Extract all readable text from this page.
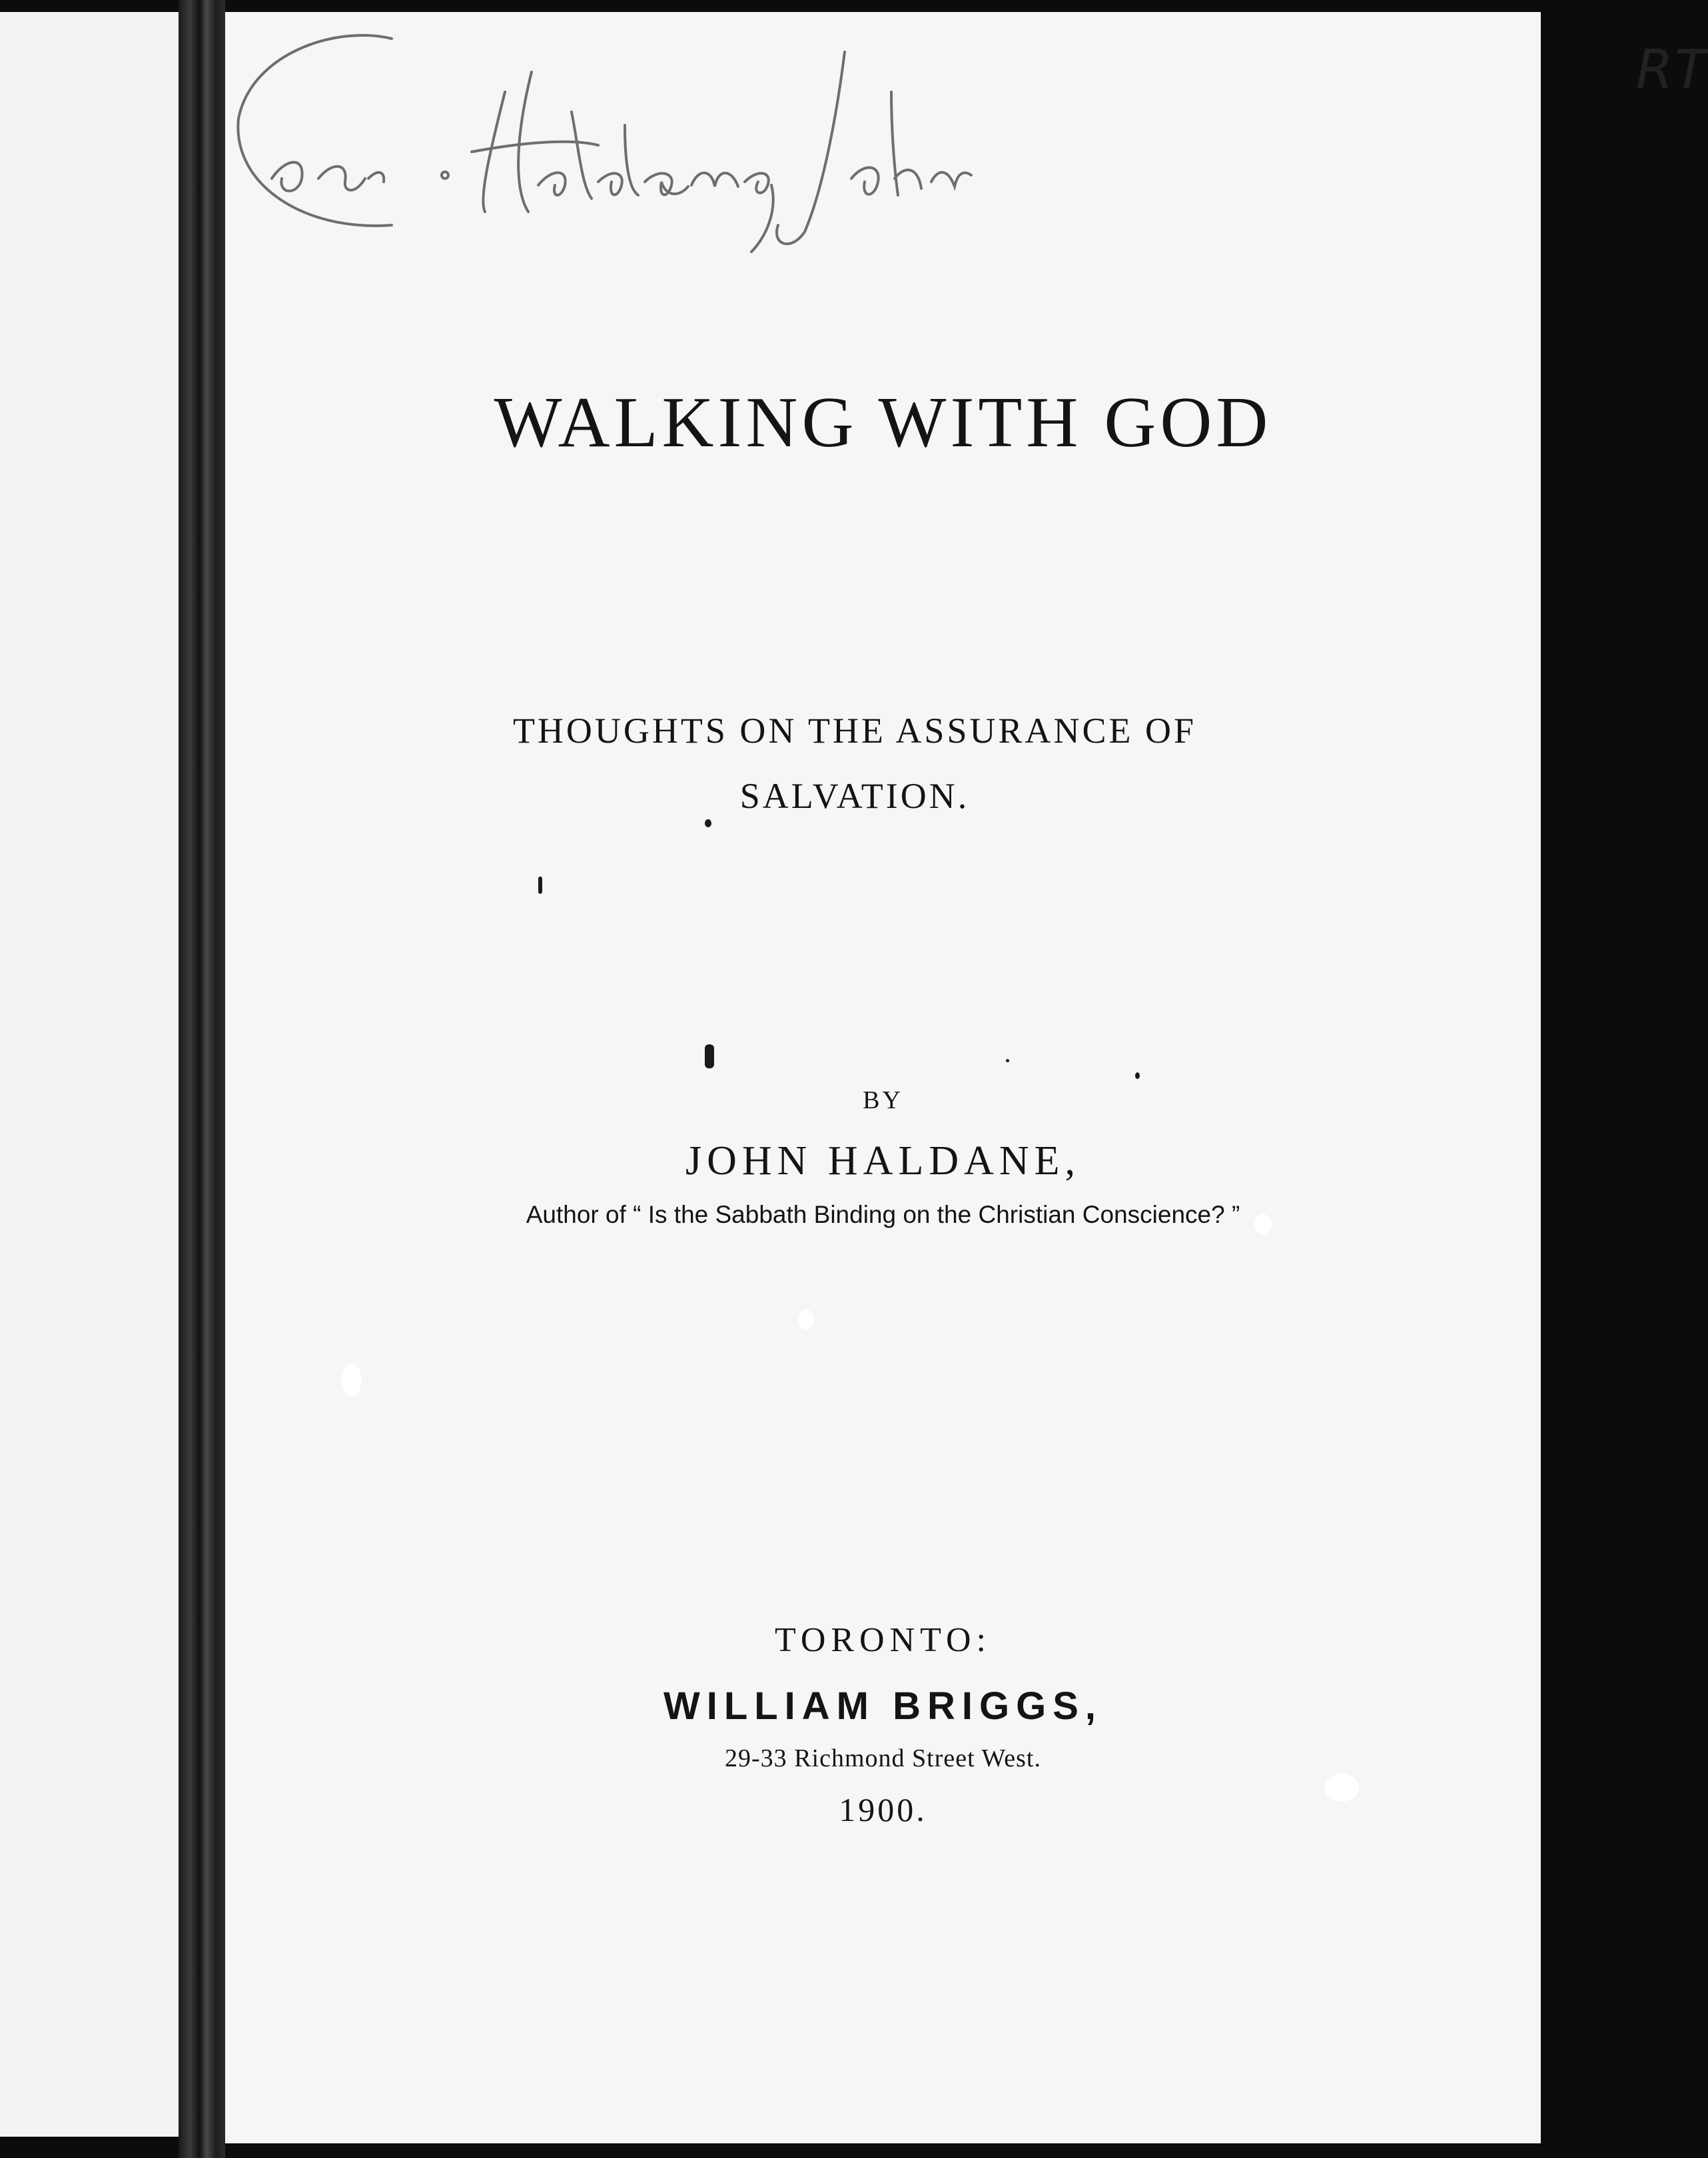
RT
WALKING WITH GOD
THOUGHTS ON THE ASSURANCE OF
SALVATION.
BY
JOHN HALDANE,
Author of “ Is the Sabbath Binding on the Christian Conscience? ”
TORONTO:
WILLIAM BRIGGS,
29-33 Richmond Street West.
1900.
